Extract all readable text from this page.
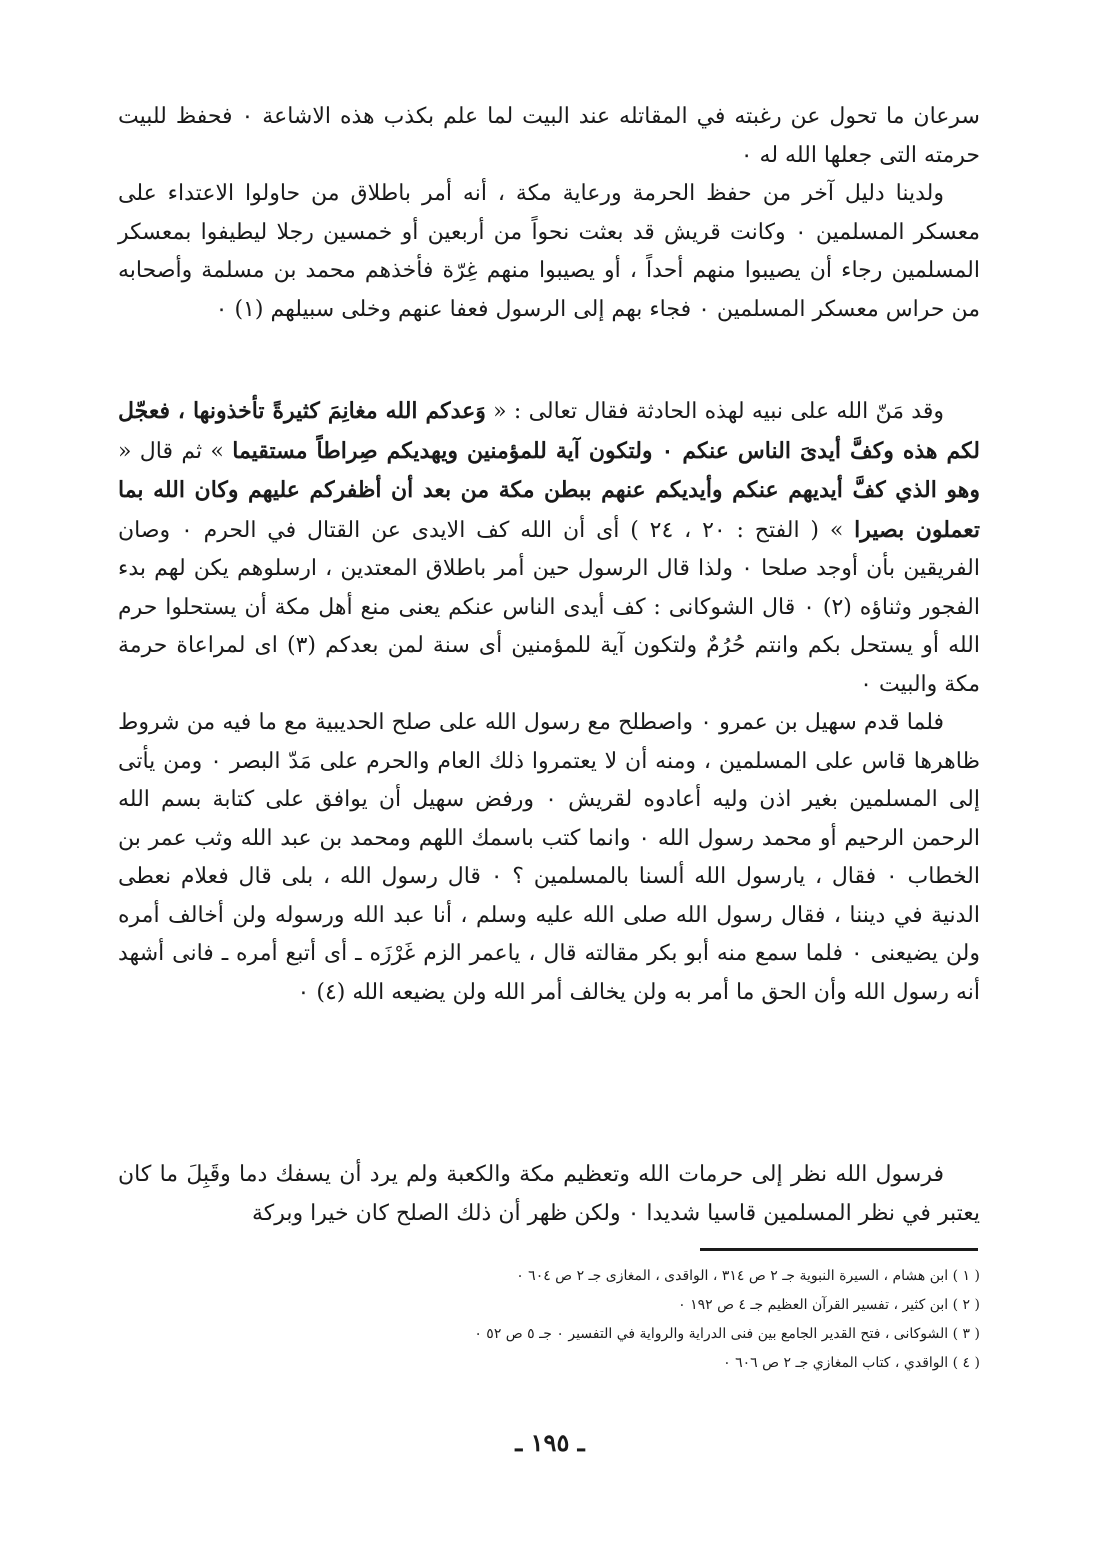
سرعان ما تحول عن رغبته في المقاتله عند البيت لما علم بكذب هذه الاشاعة ٠ فحفظ للبيت حرمته التى جعلها الله له ٠

ولدينا دليل آخر من حفظ الحرمة ورعاية مكة ، أنه أمر باطلاق من حاولوا الاعتداء على معسكر المسلمين ٠ وكانت قريش قد بعثت نحواً من أربعين أو خمسين رجلا ليطيفوا بمعسكر المسلمين رجاء أن يصيبوا منهم أحداً ، أو يصيبوا منهم غِرّة فأخذهم محمد بن مسلمة وأصحابه من حراس معسكر المسلمين ٠ فجاء بهم إلى الرسول فعفا عنهم وخلى سبيلهم (١) ٠

وقد مَنّ الله على نبيه لهذه الحادثة فقال تعالى : « وَعدكم الله مغانِمَ كثيرةً تأخذونها ، فعجّل لكم هذه وكفَّ أيدىَ الناس عنكم ٠ ولتكون آية للمؤمنين ويهديكم صِراطاً مستقيما » ثم قال « وهو الذي كفَّ أيديهم عنكم وأيديكم عنهم ببطن مكة من بعد أن أظفركم عليهم وكان الله بما تعملون بصيرا » ( الفتح : ٢٠ ، ٢٤ ) أى أن الله كف الايدى عن القتال في الحرم ٠ وصان الفريقين بأن أوجد صلحا ٠ ولذا قال الرسول حين أمر باطلاق المعتدين ، ارسلوهم يكن لهم بدء الفجور وثناؤه (٢) ٠ قال الشوكانى : كف أيدى الناس عنكم يعنى منع أهل مكة أن يستحلوا حرم الله أو يستحل بكم وانتم حُرُمٌ ولتكون آية للمؤمنين أى سنة لمن بعدكم (٣) اى لمراعاة حرمة مكة والبيت ٠

فلما قدم سهيل بن عمرو ٠ واصطلح مع رسول الله على صلح الحديبية مع ما فيه من شروط ظاهرها قاس على المسلمين ، ومنه أن لا يعتمروا ذلك العام والحرم على مَدّ البصر ٠ ومن يأتى إلى المسلمين بغير اذن وليه أعادوه لقريش ٠ ورفض سهيل أن يوافق على كتابة بسم الله الرحمن الرحيم أو محمد رسول الله ٠ وانما كتب باسمك اللهم ومحمد بن عبد الله وثب عمر بن الخطاب ٠ فقال ، يارسول الله ألسنا بالمسلمين ؟ ٠ قال رسول الله ، بلى قال فعلام نعطى الدنية في ديننا ، فقال رسول الله صلى الله عليه وسلم ، أنا عبد الله ورسوله ولن أخالف أمره ولن يضيعنى ٠ فلما سمع منه أبو بكر مقالته قال ، ياعمر الزم غَرْزَه ـ أى أتبع أمره ـ فانى أشهد أنه رسول الله وأن الحق ما أمر به ولن يخالف أمر الله ولن يضيعه الله (٤) ٠

فرسول الله نظر إلى حرمات الله وتعظيم مكة والكعبة ولم يرد أن يسفك دما وقَبِلَ ما كان يعتبر في نظر المسلمين قاسيا شديدا ٠ ولكن ظهر أن ذلك الصلح كان خيرا وبركة

( ١ ) ابن هشام ، السيرة النبوية جـ ٢ ص ٣١٤ ، الواقدى ، المغازى جـ ٢ ص ٦٠٤ ٠
( ٢ ) ابن كثير ، تفسير القرآن العظيم جـ ٤ ص ١٩٢ ٠
( ٣ ) الشوكانى ، فتح القدير الجامع بين فنى الدراية والرواية في التفسير ٠ جـ ٥ ص ٥٢ ٠
( ٤ ) الواقدي ، كتاب المغازي جـ ٢ ص ٦٠٦ ٠
ـ ١٩٥ ـ
